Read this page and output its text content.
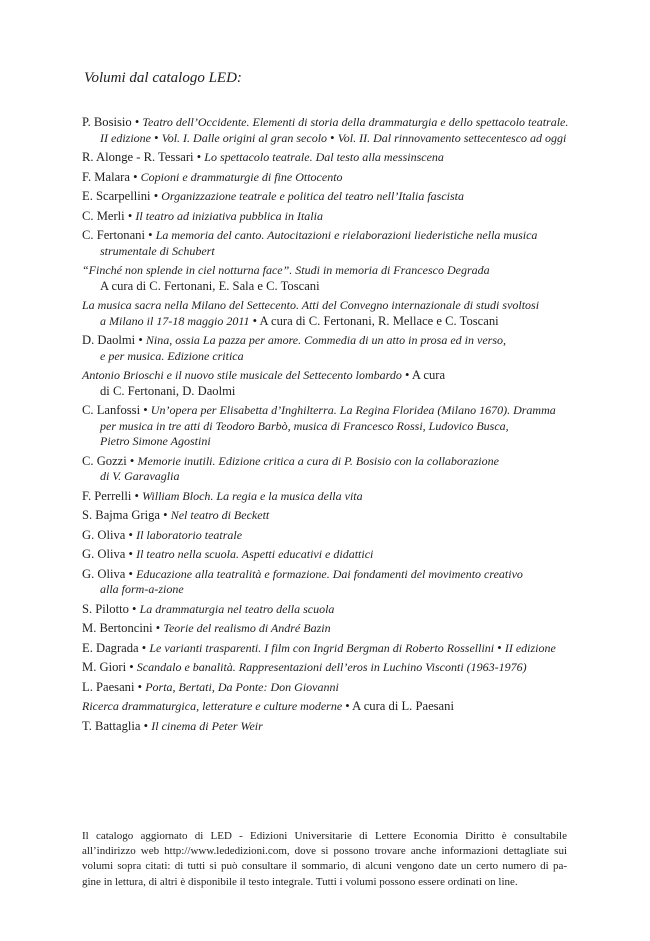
Volumi dal catalogo LED:
P. Bosisio • Teatro dell’Occidente. Elementi di storia della drammaturgia e dello spettacolo teatrale.
II edizione • Vol. I. Dalle origini al gran secolo • Vol. II. Dal rinnovamento settecentesco ad oggi
R. Alonge - R. Tessari • Lo spettacolo teatrale. Dal testo alla messinscena
F. Malara • Copioni e drammaturgie di fine Ottocento
E. Scarpellini • Organizzazione teatrale e politica del teatro nell’Italia fascista
C. Merli • Il teatro ad iniziativa pubblica in Italia
C. Fertonani • La memoria del canto. Autocitazioni e rielaborazioni liederistiche nella musica
strumentale di Schubert
“Finché non splende in ciel notturna face”. Studi in memoria di Francesco Degrada
A cura di C. Fertonani, E. Sala e C. Toscani
La musica sacra nella Milano del Settecento. Atti del Convegno internazionale di studi svoltosi
a Milano il 17-18 maggio 2011 • A cura di C. Fertonani, R. Mellace e C. Toscani
D. Daolmi • Nina, ossia La pazza per amore. Commedia di un atto in prosa ed in verso,
e per musica. Edizione critica
Antonio Brioschi e il nuovo stile musicale del Settecento lombardo • A cura
di C. Fertonani, D. Daolmi
C. Lanfossi • Un’opera per Elisabetta d’Inghilterra. La Regina Floridea (Milano 1670). Dramma
per musica in tre atti di Teodoro Barbò, musica di Francesco Rossi, Ludovico Busca,
Pietro Simone Agostini
C. Gozzi • Memorie inutili. Edizione critica a cura di P. Bosisio con la collaborazione
di V. Garavaglia
F. Perrelli • William Bloch. La regia e la musica della vita
S. Bajma Griga • Nel teatro di Beckett
G. Oliva • Il laboratorio teatrale
G. Oliva • Il teatro nella scuola. Aspetti educativi e didattici
G. Oliva • Educazione alla teatralità e formazione. Dai fondamenti del movimento creativo
alla form-a-zione
S. Pilotto • La drammaturgia nel teatro della scuola
M. Bertoncini • Teorie del realismo di André Bazin
E. Dagrada • Le varianti trasparenti. I film con Ingrid Bergman di Roberto Rossellini • II edizione
M. Giori • Scandalo e banalità. Rappresentazioni dell’eros in Luchino Visconti (1963-1976)
L. Paesani • Porta, Bertati, Da Ponte: Don Giovanni
Ricerca drammaturgica, letterature e culture moderne • A cura di L. Paesani
T. Battaglia • Il cinema di Peter Weir
Il catalogo aggiornato di LED - Edizioni Universitarie di Lettere Economia Diritto è consultabile
all’indirizzo web http://www.lededizioni.com, dove si possono trovare anche informazioni dettagliate sui
volumi sopra citati: di tutti si può consultare il sommario, di alcuni vengono date un certo numero di pa-
gine in lettura, di altri è disponibile il testo integrale. Tutti i volumi possono essere ordinati on line.
